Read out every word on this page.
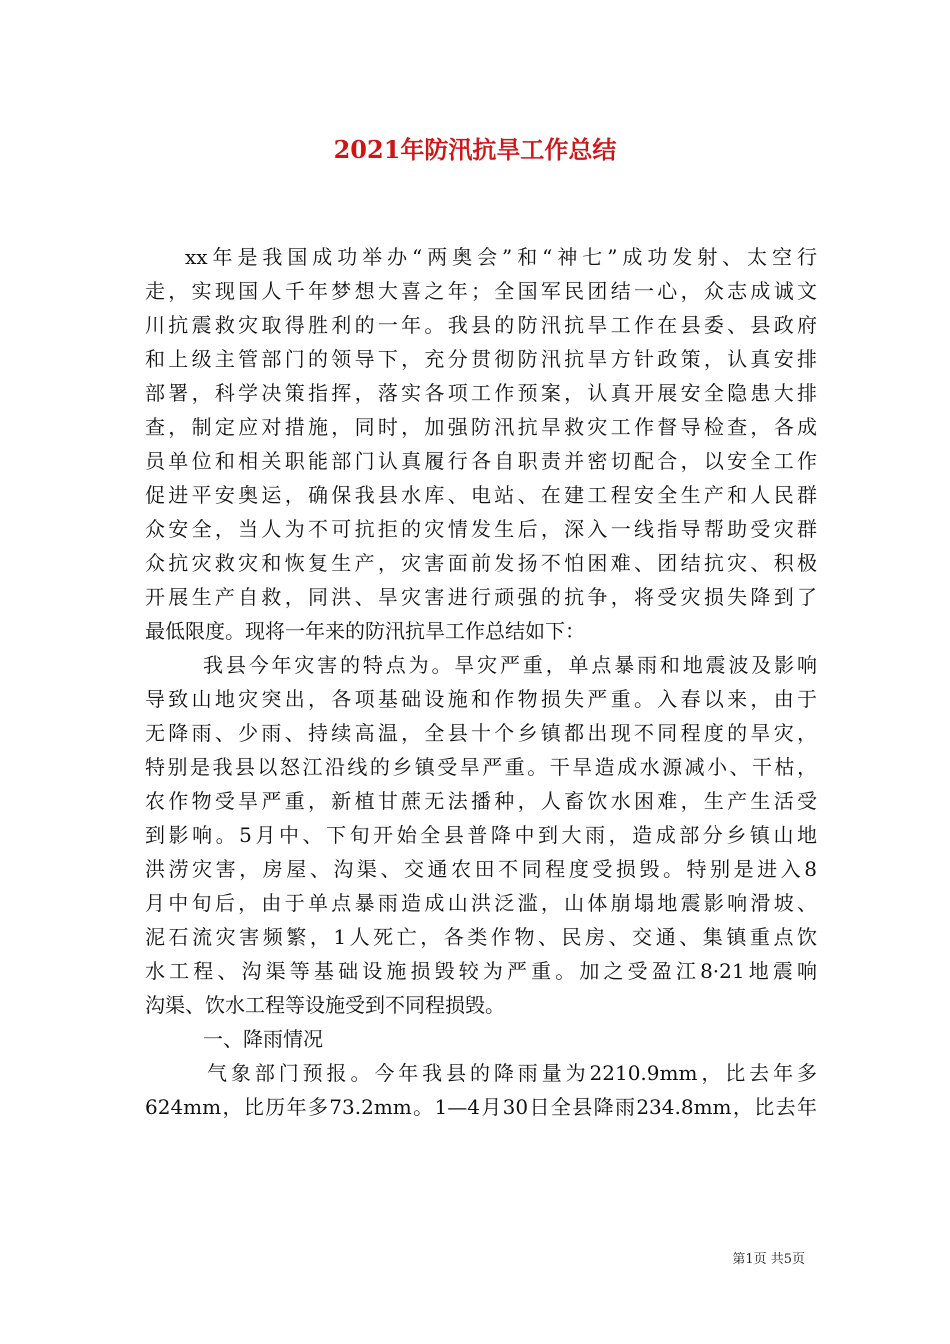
2021年防汛抗旱工作总结
xx年是我国成功举办“两奥会”和“神七”成功发射、太空行
走，实现国人千年梦想大喜之年；全国军民团结一心，众志成诚文
川抗震救灾取得胜利的一年。我县的防汛抗旱工作在县委、县政府
和上级主管部门的领导下，充分贯彻防汛抗旱方针政策，认真安排
部署，科学决策指挥，落实各项工作预案，认真开展安全隐患大排
查，制定应对措施，同时，加强防汛抗旱救灾工作督导检查，各成
员单位和相关职能部门认真履行各自职责并密切配合，以安全工作
促进平安奥运，确保我县水库、电站、在建工程安全生产和人民群
众安全，当人为不可抗拒的灾情发生后，深入一线指导帮助受灾群
众抗灾救灾和恢复生产，灾害面前发扬不怕困难、团结抗灾、积极
开展生产自救，同洪、旱灾害进行顽强的抗争，将受灾损失降到了
最低限度。现将一年来的防汛抗旱工作总结如下：
我县今年灾害的特点为。旱灾严重，单点暴雨和地震波及影响
导致山地灾突出，各项基础设施和作物损失严重。入春以来，由于
无降雨、少雨、持续高温，全县十个乡镇都出现不同程度的旱灾，
特别是我县以怒江沿线的乡镇受旱严重。干旱造成水源减小、干枯，
农作物受旱严重，新植甘蔗无法播种，人畜饮水困难，生产生活受
到影响。5月中、下旬开始全县普降中到大雨，造成部分乡镇山地
洪涝灾害，房屋、沟渠、交通农田不同程度受损毁。特别是进入8
月中旬后，由于单点暴雨造成山洪泛滥，山体崩塌地震影响滑坡、
泥石流灾害频繁，1人死亡，各类作物、民房、交通、集镇重点饮
水工程、沟渠等基础设施损毁较为严重。加之受盈江8·21地震响
沟渠、饮水工程等设施受到不同程损毁。
一、降雨情况
气象部门预报。今年我县的降雨量为2210.9mm，比去年多
624mm，比历年多73.2mm。1—4月30日全县降雨234.8mm，比去年
第1页 共5页
